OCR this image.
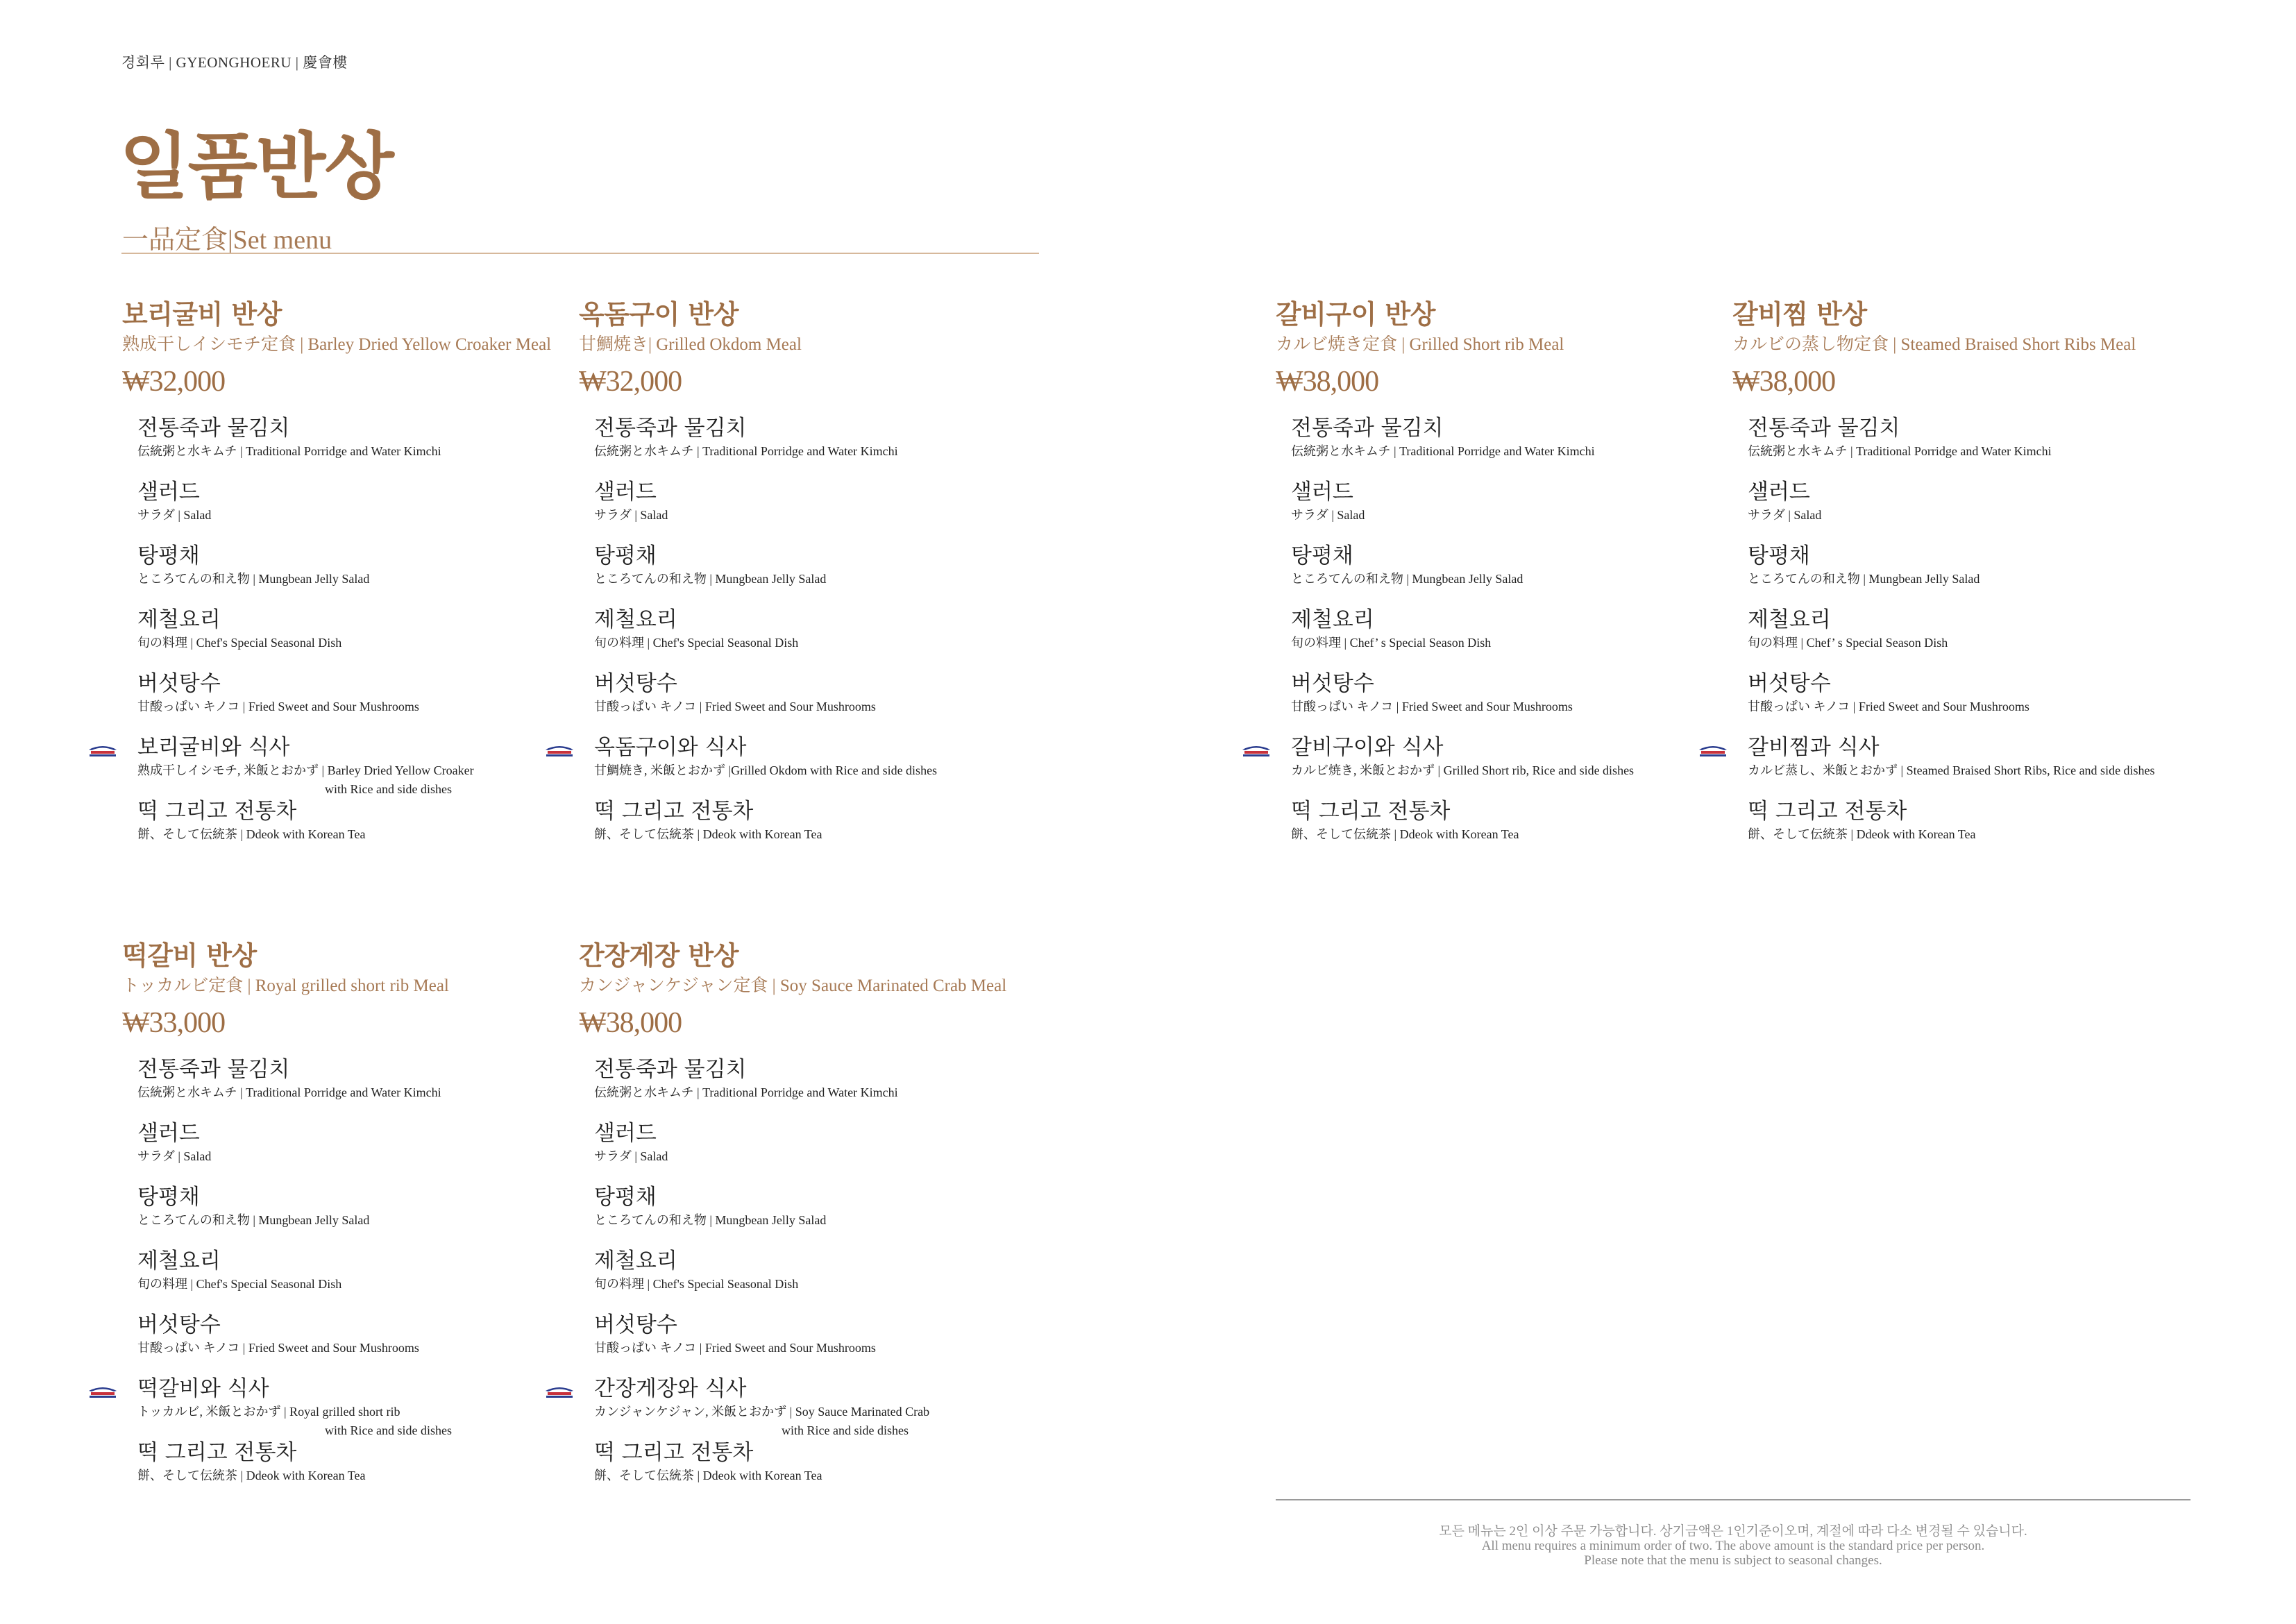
경회루 | GYEONGHOERU | 慶會樓
일품반상
一品定食|Set menu
보리굴비 반상
熟成干しイシモチ定食 | Barley Dried Yellow Croaker Meal
₩32,000
전통죽과 물김치
伝統粥と水キムチ | Traditional Porridge and Water Kimchi
샐러드
サラダ | Salad
탕평채
ところてんの和え物 | Mungbean Jelly Salad
제철요리
旬の料理 | Chef's Special Seasonal Dish
버섯탕수
甘酸っぱい キノコ | Fried Sweet and Sour Mushrooms
보리굴비와 식사
熟成干しイシモチ, 米飯とおかず | Barley Dried Yellow Croaker
with Rice and side dishes
떡 그리고 전통차
餅、そして伝統茶 | Ddeok with Korean Tea
옥돔구이 반상
甘鯛焼き| Grilled Okdom Meal
₩32,000
전통죽과 물김치
伝統粥と水キムチ | Traditional Porridge and Water Kimchi
샐러드
サラダ | Salad
탕평채
ところてんの和え物 | Mungbean Jelly Salad
제철요리
旬の料理 | Chef's Special Seasonal Dish
버섯탕수
甘酸っぱい キノコ | Fried Sweet and Sour Mushrooms
옥돔구이와 식사
甘鯛焼き, 米飯とおかず |Grilled Okdom with Rice and side dishes
떡 그리고 전통차
餅、そして伝統茶 | Ddeok with Korean Tea
갈비구이 반상
カルビ焼き定食 | Grilled Short rib Meal
₩38,000
전통죽과 물김치
伝統粥と水キムチ | Traditional Porridge and Water Kimchi
샐러드
サラダ | Salad
탕평채
ところてんの和え物 | Mungbean Jelly Salad
제철요리
旬の料理 | Chef’ s Special Season Dish
버섯탕수
甘酸っぱい キノコ | Fried Sweet and Sour Mushrooms
갈비구이와 식사
カルビ焼き, 米飯とおかず | Grilled Short rib, Rice and side dishes
떡 그리고 전통차
餅、そして伝統茶 | Ddeok with Korean Tea
갈비찜 반상
カルビの蒸し物定食 | Steamed Braised Short Ribs Meal
₩38,000
전통죽과 물김치
伝統粥と水キムチ | Traditional Porridge and Water Kimchi
샐러드
サラダ | Salad
탕평채
ところてんの和え物 | Mungbean Jelly Salad
제철요리
旬の料理 | Chef’ s Special Season Dish
버섯탕수
甘酸っぱい キノコ | Fried Sweet and Sour Mushrooms
갈비찜과 식사
カルビ蒸し、米飯とおかず | Steamed Braised Short Ribs, Rice and side dishes
떡 그리고 전통차
餅、そして伝統茶 | Ddeok with Korean Tea
떡갈비 반상
トッカルビ定食 | Royal grilled short rib Meal
₩33,000
전통죽과 물김치
伝統粥と水キムチ | Traditional Porridge and Water Kimchi
샐러드
サラダ | Salad
탕평채
ところてんの和え物 | Mungbean Jelly Salad
제철요리
旬の料理 | Chef's Special Seasonal Dish
버섯탕수
甘酸っぱい キノコ | Fried Sweet and Sour Mushrooms
떡갈비와 식사
トッカルビ, 米飯とおかず | Royal grilled short rib
with Rice and side dishes
떡 그리고 전통차
餅、そして伝統茶 | Ddeok with Korean Tea
간장게장 반상
カンジャンケジャン定食 | Soy Sauce Marinated Crab Meal
₩38,000
전통죽과 물김치
伝統粥と水キムチ | Traditional Porridge and Water Kimchi
샐러드
サラダ | Salad
탕평채
ところてんの和え物 | Mungbean Jelly Salad
제철요리
旬の料理 | Chef's Special Seasonal Dish
버섯탕수
甘酸っぱい キノコ | Fried Sweet and Sour Mushrooms
간장게장와 식사
カンジャンケジャン, 米飯とおかず | Soy Sauce Marinated Crab
with Rice and side dishes
떡 그리고 전통차
餅、そして伝統茶 | Ddeok with Korean Tea
모든 메뉴는 2인 이상 주문 가능합니다. 상기금액은 1인기준이오며, 계절에 따라 다소 변경될 수 있습니다.
All menu requires a minimum order of two. The above amount is the standard price per person.
Please note that the menu is subject to seasonal changes.
